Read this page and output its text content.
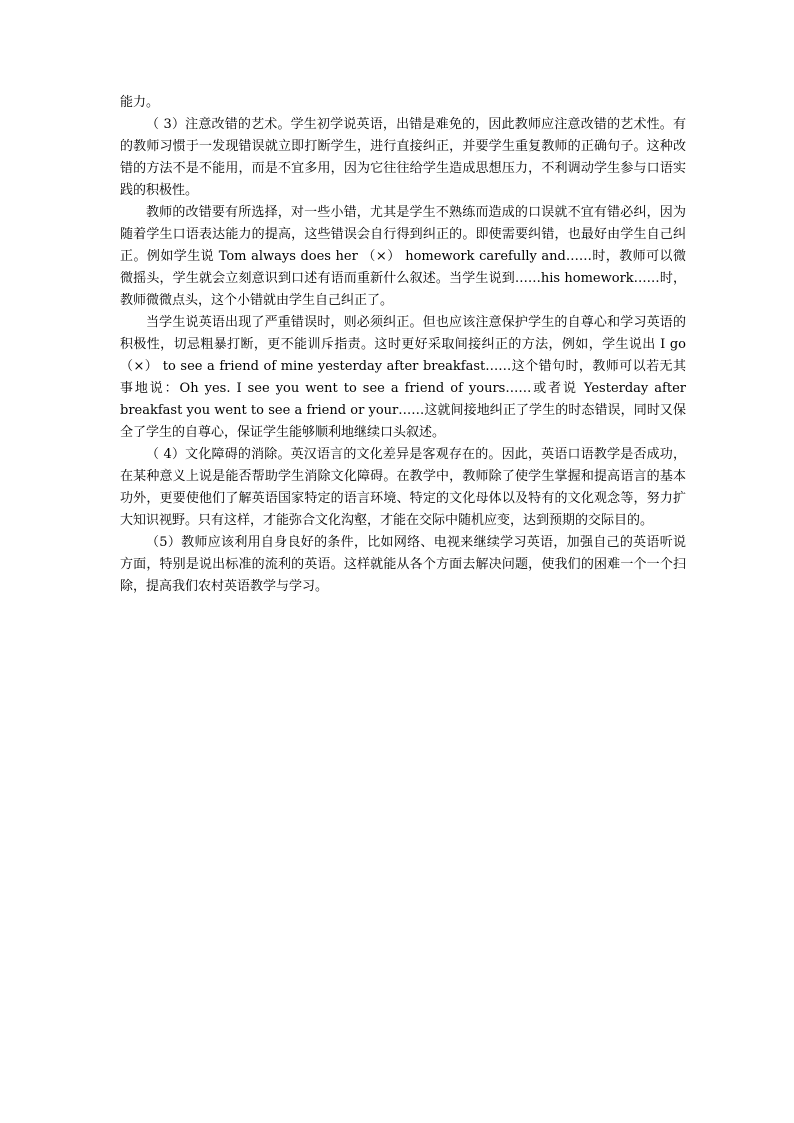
能力。

（ 3）注意改错的艺术。学生初学说英语，出错是难免的，因此教师应注意改错的艺术性。有的教师习惯于一发现错误就立即打断学生，进行直接纠正，并要学生重复教师的正确句子。这种改错的方法不是不能用，而是不宜多用，因为它往往给学生造成思想压力，不利调动学生参与口语实践的积极性。

教师的改错要有所选择，对一些小错，尤其是学生不熟练而造成的口误就不宜有错必纠，因为随着学生口语表达能力的提高，这些错误会自行得到纠正的。即使需要纠错，也最好由学生自己纠正。例如学生说 Tom always does her （×） homework carefully and……时，教师可以微微摇头，学生就会立刻意识到口述有语而重新什么叙述。当学生说到……his homework……时，教师微微点头，这个小错就由学生自己纠正了。

当学生说英语出现了严重错误时，则必须纠正。但也应该注意保护学生的自尊心和学习英语的积极性，切忌粗暴打断，更不能训斥指责。这时更好采取间接纠正的方法，例如，学生说出 I go（×） to see a friend of mine yesterday after breakfast……这个错句时，教师可以若无其事地说：Oh yes. I see you went to see a friend of yours……或者说 Yesterday after breakfast you went to see a friend or your……这就间接地纠正了学生的时态错误，同时又保全了学生的自尊心，保证学生能够顺利地继续口头叙述。

（ 4）文化障碍的消除。英汉语言的文化差异是客观存在的。因此，英语口语教学是否成功，在某种意义上说是能否帮助学生消除文化障碍。在教学中，教师除了使学生掌握和提高语言的基本功外，更要使他们了解英语国家特定的语言环境、特定的文化母体以及特有的文化观念等，努力扩大知识视野。只有这样，才能弥合文化沟壑，才能在交际中随机应变，达到预期的交际目的。

（5）教师应该利用自身良好的条件，比如网络、电视来继续学习英语，加强自己的英语听说方面，特别是说出标准的流利的英语。这样就能从各个方面去解决问题，使我们的困难一个一个扫除，提高我们农村英语教学与学习。
